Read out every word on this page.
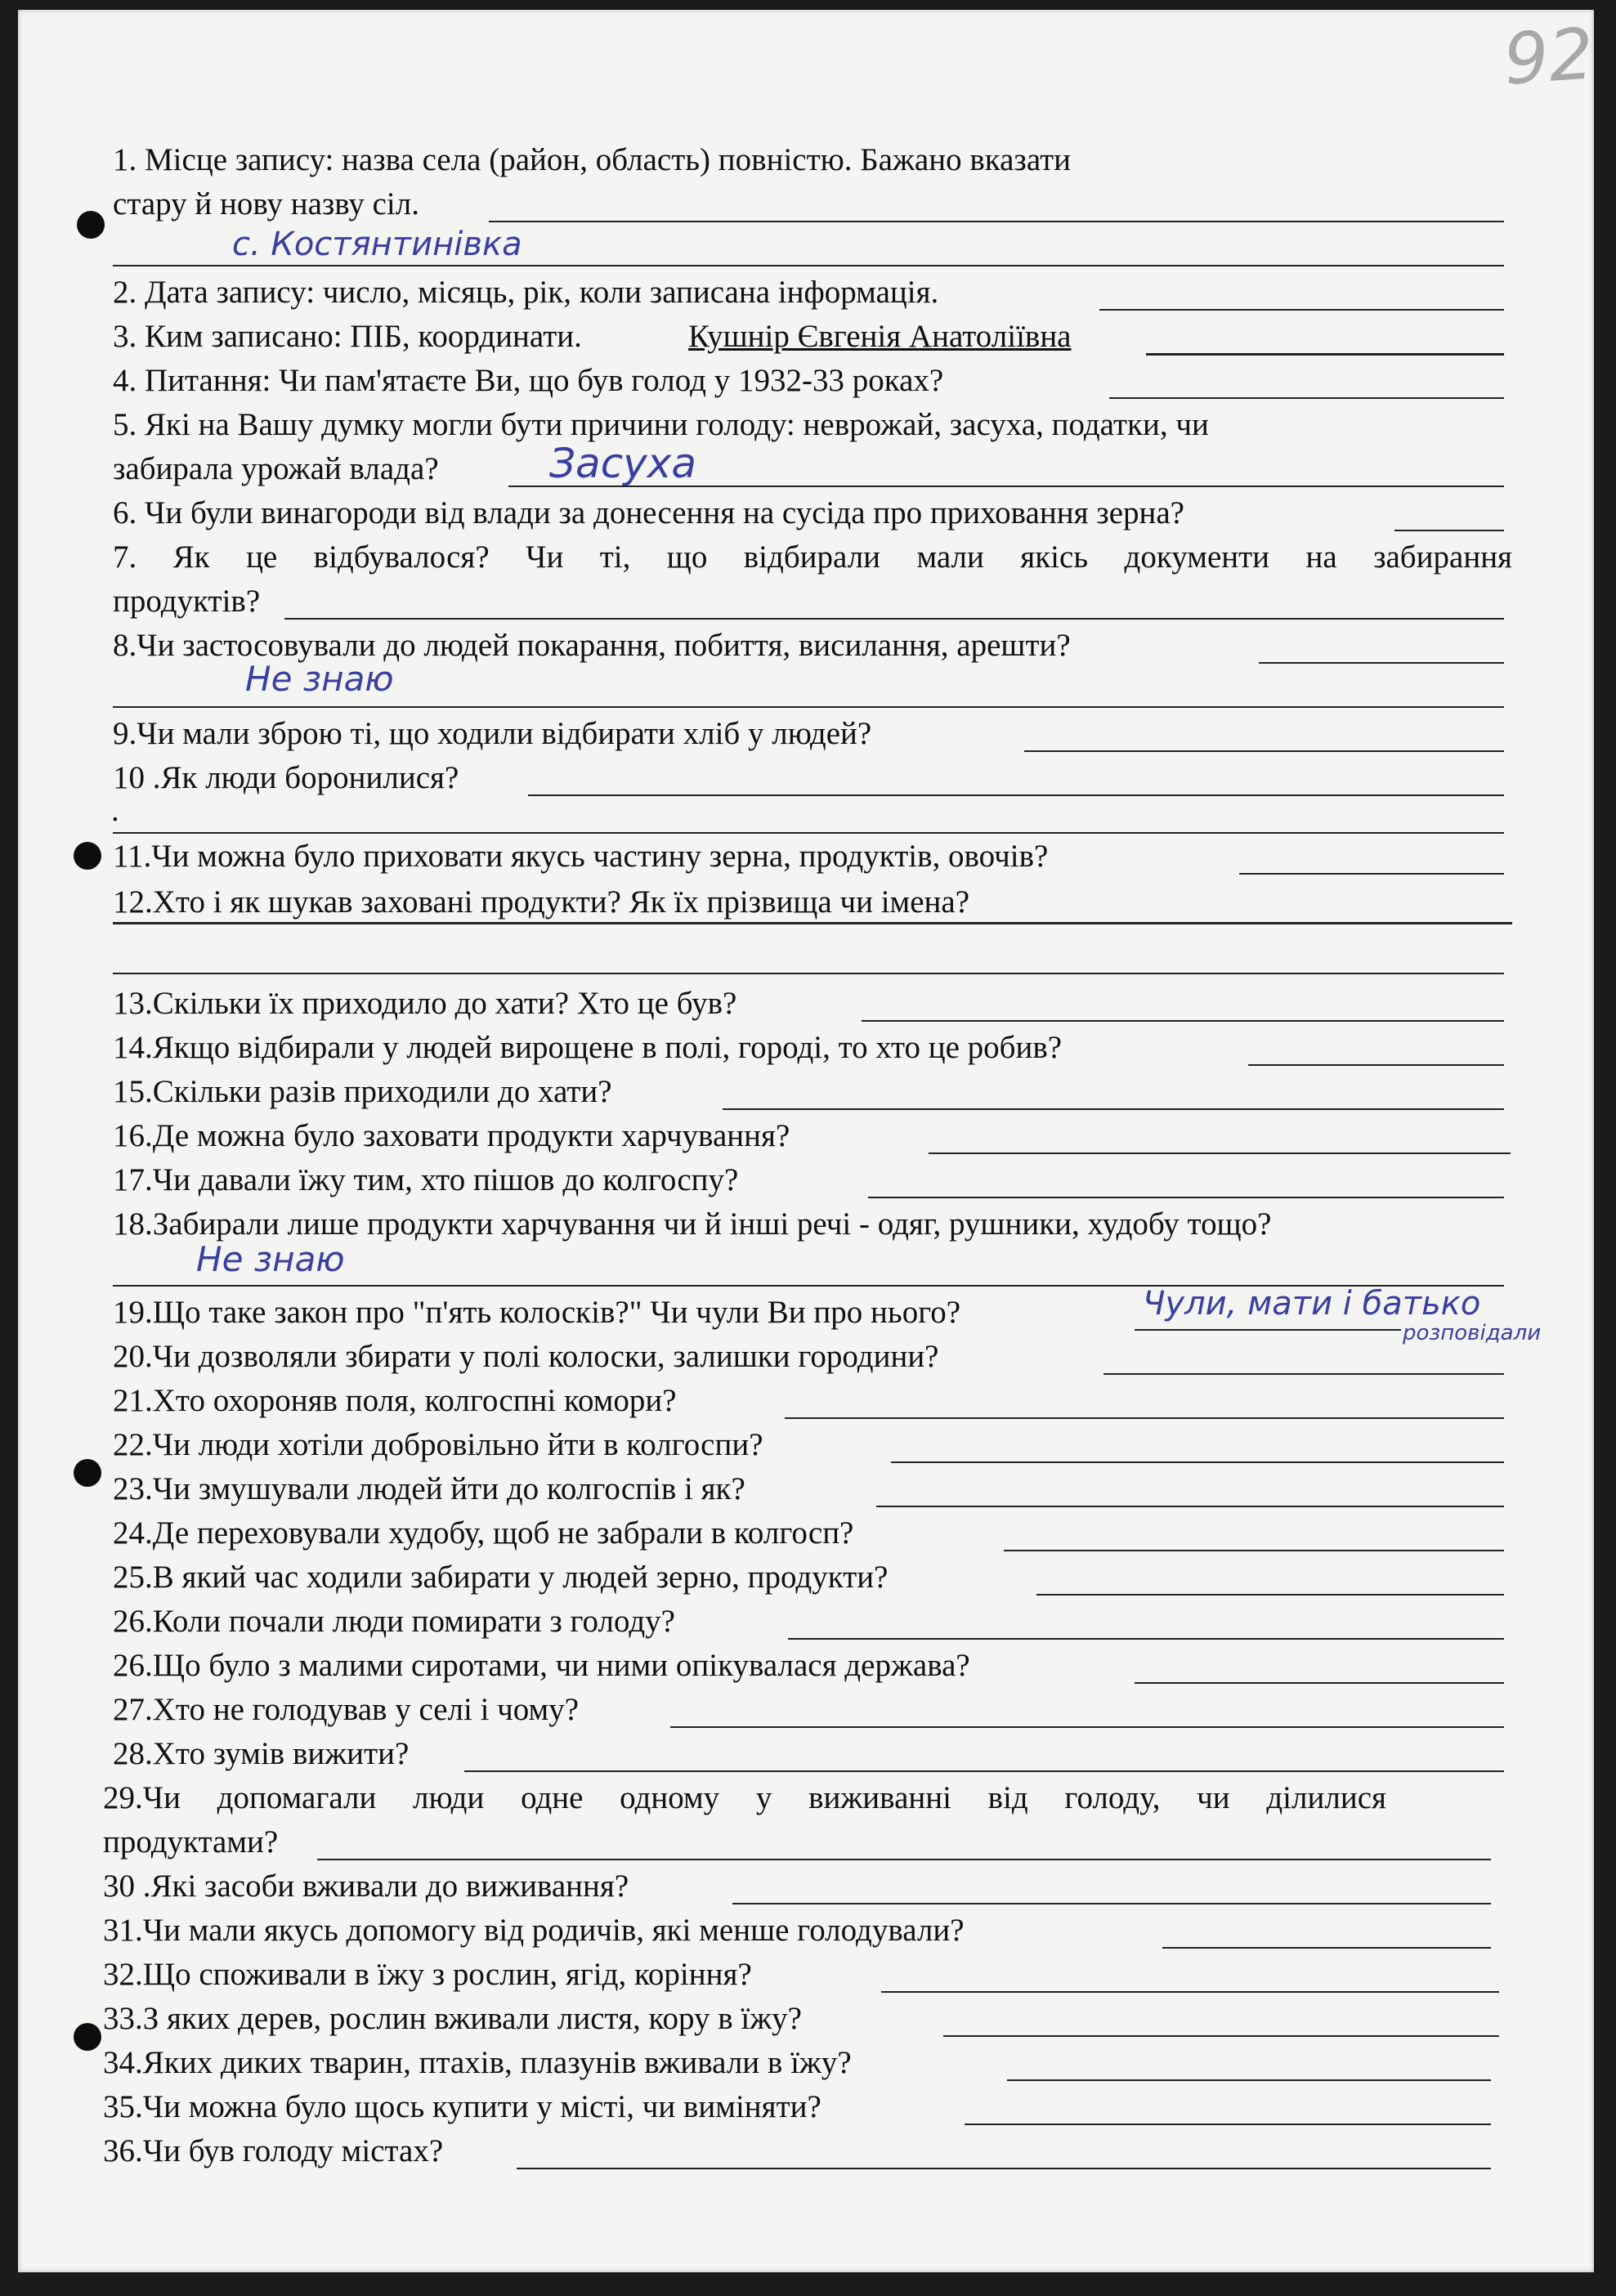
92
1. Місце запису: назва села (район, область) повністю. Бажано вказати
стару й нову назву сіл.
с. Костянтинівка
2. Дата запису: число, місяць, рік, коли записана інформація.
3. Ким записано: ПІБ, координати.	Кушнір Євгенія Анатоліївна
4. Питання: Чи пам'ятаєте Ви, що був голод у 1932-33 роках?
5. Які на Вашу думку могли бути причини голоду: неврожай, засуха, податки, чи
забирала урожай влада?	Засуха
6. Чи були винагороди від влади за донесення на сусіда про приховання зерна?
7. Як це відбувалося? Чи ті, що відбирали мали якісь документи на забирання
продуктів?
8.Чи застосовували до людей покарання, побиття, висилання, арешти?
Не знаю
9.Чи мали зброю ті, що ходили відбирати хліб у людей?
10 .Як люди боронилися?
.
11.Чи можна було приховати якусь частину зерна, продуктів, овочів?
12.Хто і як шукав заховані продукти? Як їх прізвища чи імена?
13.Скільки їх приходило до хати? Хто це був?
14.Якщо відбирали у людей вирощене в полі, городі, то хто це робив?
15.Скільки разів приходили до хати?
16.Де можна було заховати продукти харчування?
17.Чи давали їжу тим, хто пішов до колгоспу?
18.Забирали лише продукти харчування чи й інші речі - одяг, рушники, худобу тощо?
Не знаю
19.Що таке закон про "п'ять колосків?" Чи чули Ви про нього?	Чули, мати і батько
розповідали
20.Чи дозволяли збирати у полі колоски, залишки городини?
21.Хто охороняв поля, колгоспні комори?
22.Чи люди хотіли добровільно йти в колгоспи?
23.Чи змушували людей йти до колгоспів і як?
24.Де переховували худобу, щоб не забрали в колгосп?
25.В який час ходили забирати у людей зерно, продукти?
26.Коли почали люди помирати з голоду?
26.Що було з малими сиротами, чи ними опікувалася держава?
27.Хто не голодував у селі і чому?
28.Хто зумів вижити?
29.Чи допомагали люди одне одному у виживанні від голоду, чи ділилися
продуктами?
30 .Які засоби вживали до виживання?
31.Чи мали якусь допомогу від родичів, які менше голодували?
32.Що споживали в їжу з рослин, ягід, коріння?
33.З яких дерев, рослин вживали листя, кору в їжу?
34.Яких диких тварин, птахів, плазунів вживали в їжу?
35.Чи можна було щось купити у місті, чи виміняти?
36.Чи був голоду містах?
